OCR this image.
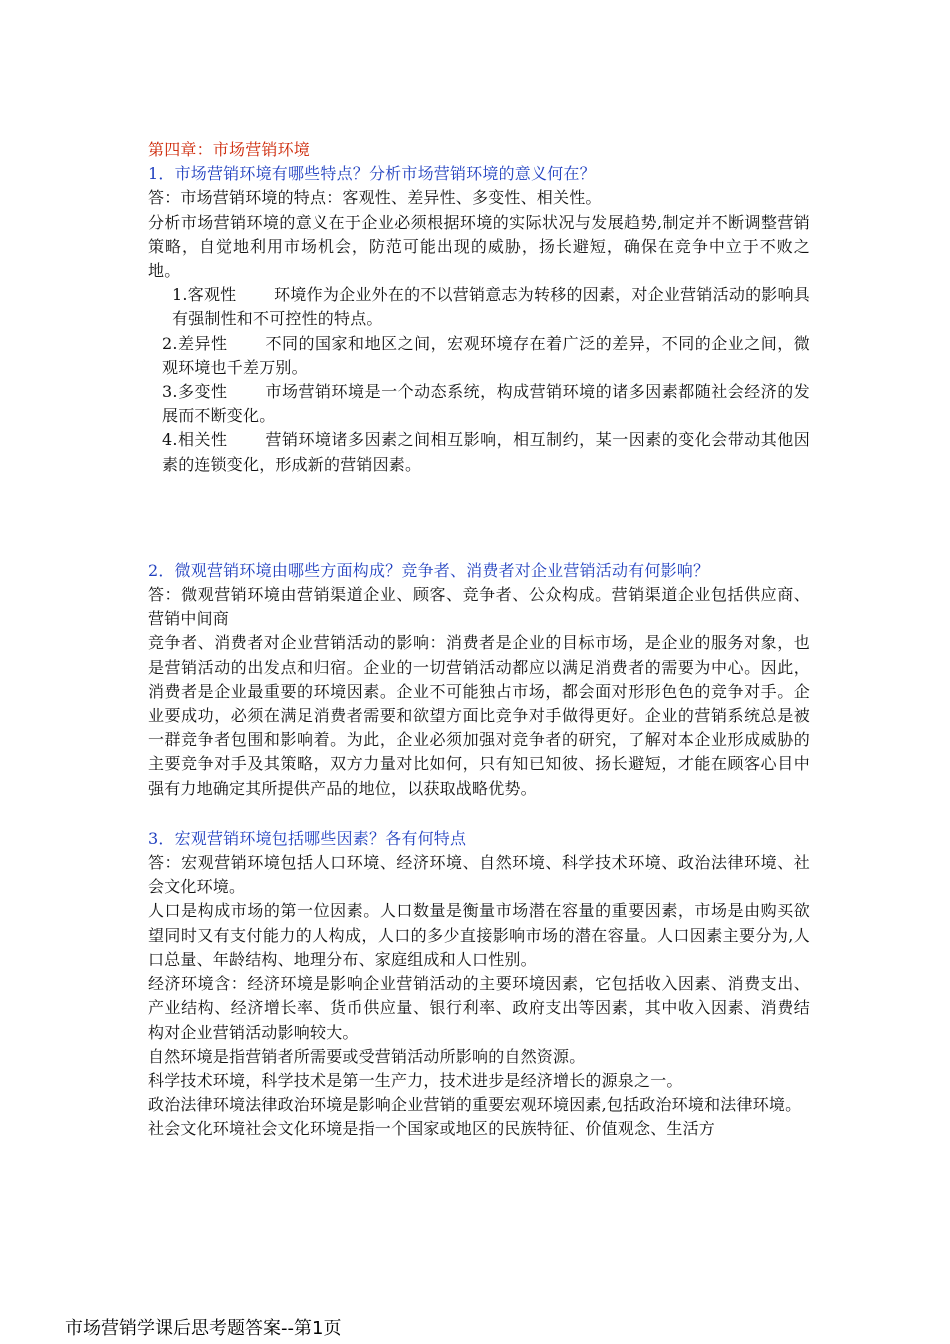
第四章：市场营销环境

1．市场营销环境有哪些特点？分析市场营销环境的意义何在？

答：市场营销环境的特点：客观性、差异性、多变性、相关性。

分析市场营销环境的意义在于企业必须根据环境的实际状况与发展趋势,制定并不断调整营销策略，自觉地利用市场机会，防范可能出现的威胁，扬长避短，确保在竞争中立于不败之地。

1.客观性   环境作为企业外在的不以营销意志为转移的因素，对企业营销活动的影响具有强制性和不可控性的特点。

2.差异性   不同的国家和地区之间，宏观环境存在着广泛的差异，不同的企业之间，微观环境也千差万别。

3.多变性   市场营销环境是一个动态系统，构成营销环境的诸多因素都随社会经济的发展而不断变化。

4.相关性   营销环境诸多因素之间相互影响，相互制约，某一因素的变化会带动其他因素的连锁变化，形成新的营销因素。

2．微观营销环境由哪些方面构成？竞争者、消费者对企业营销活动有何影响？

答：微观营销环境由营销渠道企业、顾客、竞争者、公众构成。营销渠道企业包括供应商、营销中间商

竞争者、消费者对企业营销活动的影响：消费者是企业的目标市场，是企业的服务对象，也是营销活动的出发点和归宿。企业的一切营销活动都应以满足消费者的需要为中心。因此，消费者是企业最重要的环境因素。企业不可能独占市场，都会面对形形色色的竞争对手。企业要成功，必须在满足消费者需要和欲望方面比竞争对手做得更好。企业的营销系统总是被一群竞争者包围和影响着。为此，企业必须加强对竞争者的研究，了解对本企业形成威胁的主要竞争对手及其策略，双方力量对比如何，只有知已知彼、扬长避短，才能在顾客心目中强有力地确定其所提供产品的地位，以获取战略优势。

3．宏观营销环境包括哪些因素？各有何特点

答：宏观营销环境包括人口环境、经济环境、自然环境、科学技术环境、政治法律环境、社会文化环境。

人口是构成市场的第一位因素。人口数量是衡量市场潜在容量的重要因素，市场是由购买欲望同时又有支付能力的人构成，人口的多少直接影响市场的潜在容量。人口因素主要分为,人口总量、年龄结构、地理分布、家庭组成和人口性别。

经济环境含：经济环境是影响企业营销活动的主要环境因素，它包括收入因素、消费支出、产业结构、经济增长率、货币供应量、银行利率、政府支出等因素，其中收入因素、消费结构对企业营销活动影响较大。

自然环境是指营销者所需要或受营销活动所影响的自然资源。

科学技术环境，科学技术是第一生产力，技术进步是经济增长的源泉之一。

政治法律环境法律政治环境是影响企业营销的重要宏观环境因素,包括政治环境和法律环境。

社会文化环境社会文化环境是指一个国家或地区的民族特征、价值观念、生活方

市场营销学课后思考题答案--第1页
